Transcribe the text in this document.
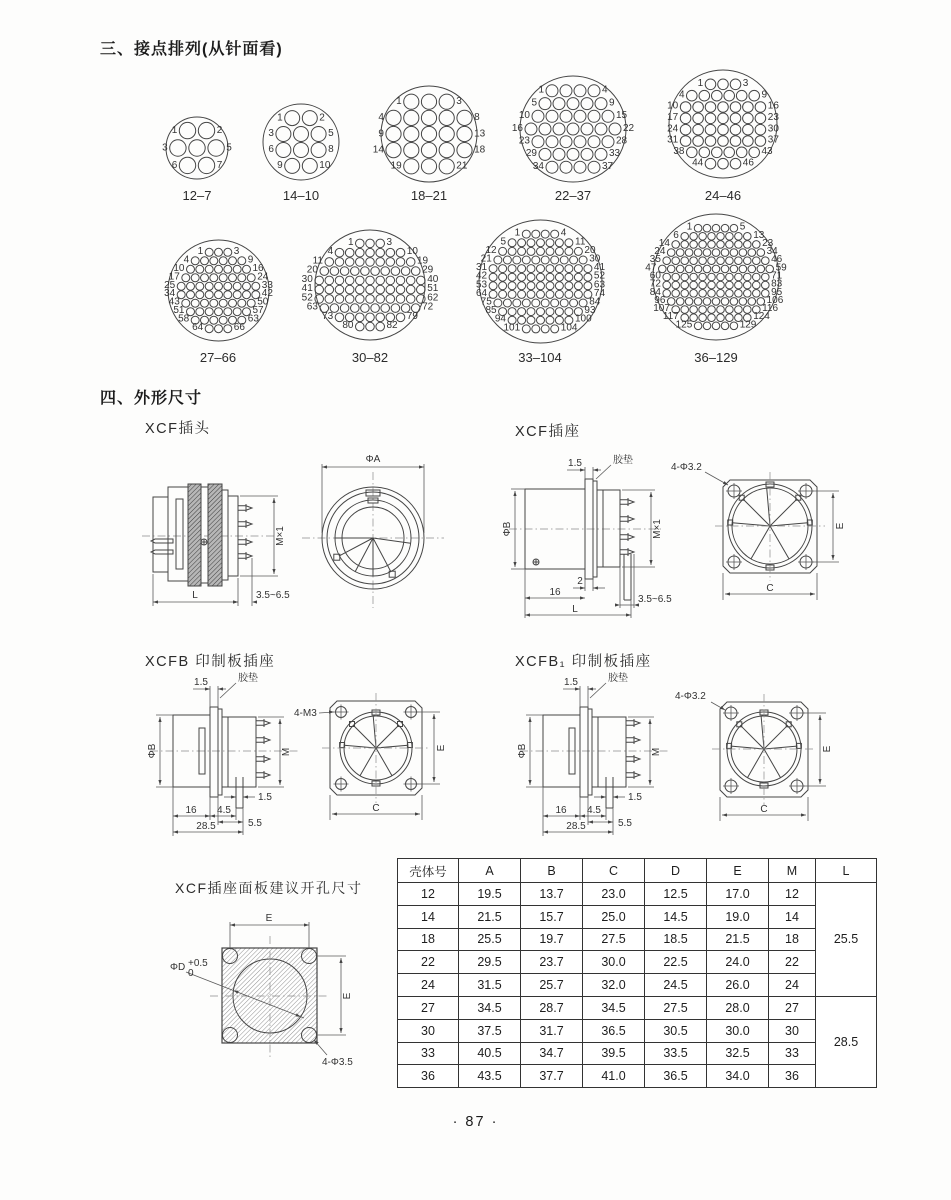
三、接点排列(从针面看)
1	2
3	5
6	7
12–7
1	2
3	5
6	8
9	10
14–10
1	3
4	8
9	13
14	18
19	21
18–21
1	4
5	9
10	15
16	22
23	28
29	33
34	37
22–37
1	3
4	9
10	16
17	23
24	30
31	37
38	43
44	46
24–46
1	3
4	9
10	16
17	24
25	33
34	42
43	50
51	57
58	63
64	66
27–66
1	3
4	10
11	19
20	29
30	40
41	51
52	62
63	72
73	79
80	82
30–82
1	4
5	11
12	20
21	30
31	41
42	52
53	63
64	74
75	84
85	93
94	100
101	104
33–104
1	5
6	13
14	23
24	34
35	46
47	59
60	71
72	83
84	95
96	106
107	116
117	124
125	129
36–129
四、外形尺寸
XCF插头	XCF插座
M×1
L	3.5~6.5
ΦA
M×1
ΦB
1.5	胶垫
2
16
L
3.5~6.5
4-Φ3.2
E
C
XCFB 印制板插座	XCFB₁ 印制板插座
M
ΦB
1.5	胶垫
16 4.5
28.5
1.5
5.5
4-M3
E
C
M
ΦB
1.5	胶垫
16 4.5
28.5
1.5
5.5
4-Φ3.2
E
C
XCF插座面板建议开孔尺寸
E
E
ΦD +0.5
0
4-Φ3.5
壳体号	A	B	C	D	E	M	L
12	19.5	13.7	23.0	12.5	17.0	12	25.5
14	21.5	15.7	25.0	14.5	19.0	14	
18	25.5	19.7	27.5	18.5	21.5	18	
22	29.5	23.7	30.0	22.5	24.0	22	
24	31.5	25.7	32.0	24.5	26.0	24	
27	34.5	28.7	34.5	27.5	28.0	27	28.5
30	37.5	31.7	36.5	30.5	30.0	30	
33	40.5	34.7	39.5	33.5	32.5	33	
36	43.5	37.7	41.0	36.5	34.0	36	
· 87 ·
